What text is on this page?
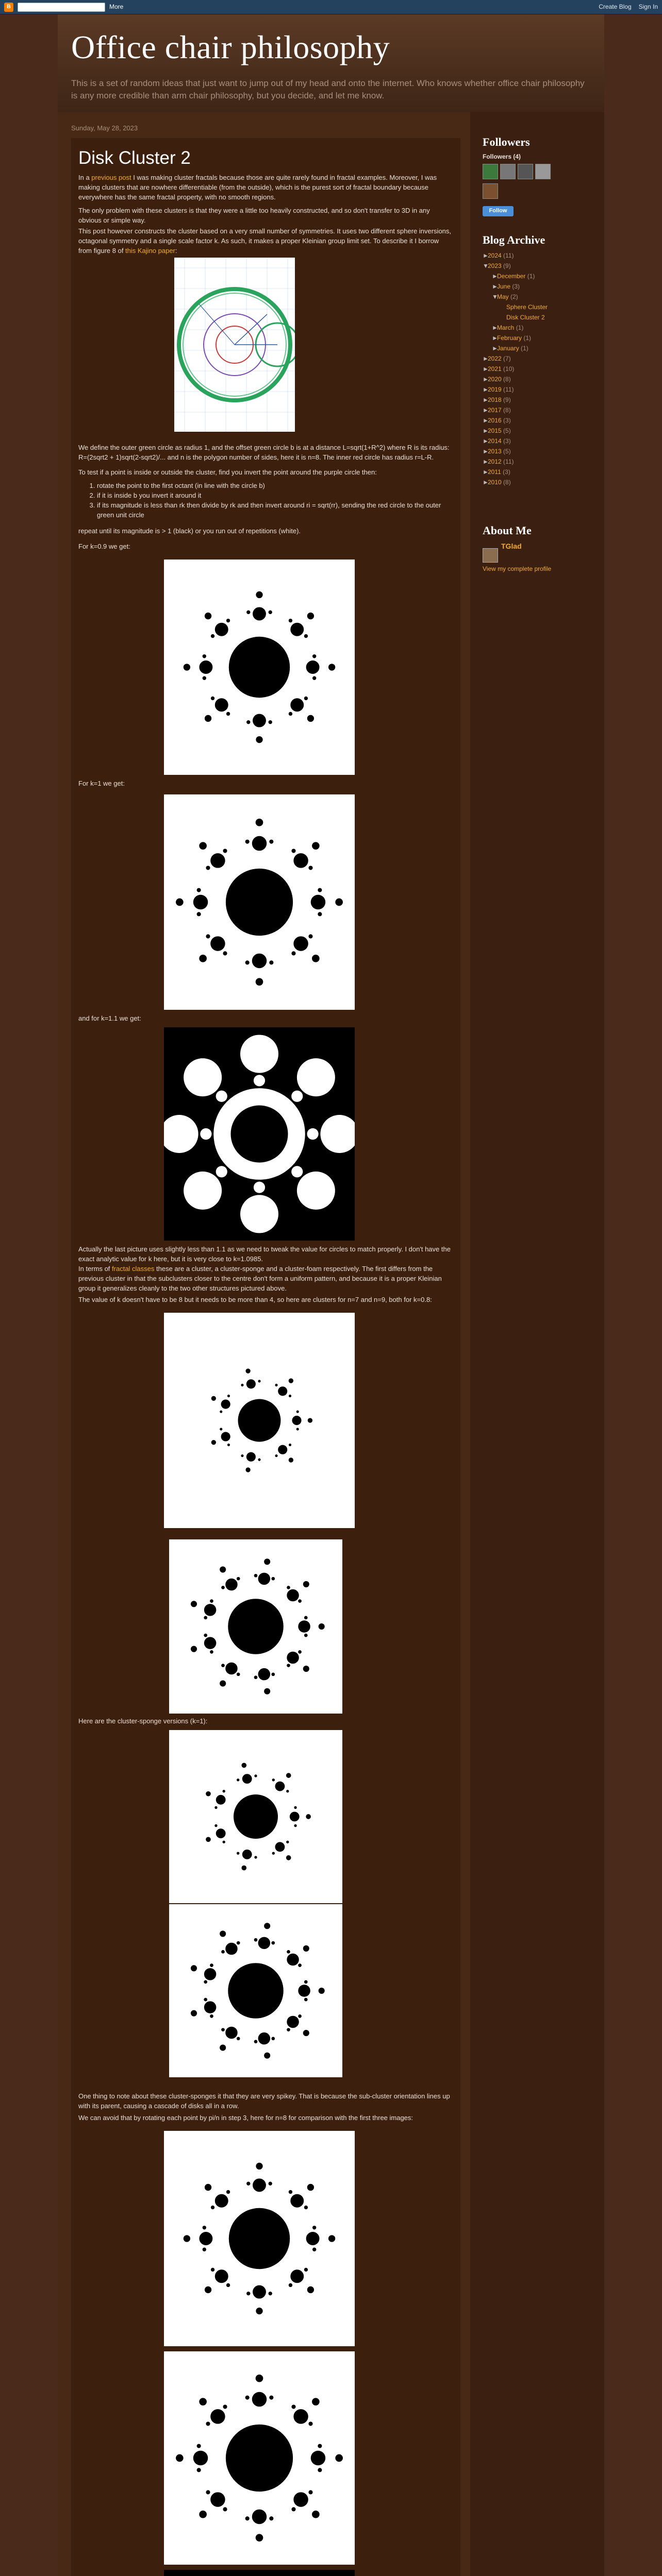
B	More	Create Blog Sign In
Office chair philosophy
This is a set of random ideas that just want to jump out of my head and onto the internet. Who knows whether office chair philosophy is any more credible than arm chair philosophy, but you decide, and let me know.
Sunday, May 28, 2023
Disk Cluster 2
In a previous post I was making cluster fractals because those are quite rarely found in fractal examples. Moreover, I was making clusters that are nowhere differentiable (from the outside), which is the purest sort of fractal boundary because everywhere has the same fractal property, with no smooth regions.
The only problem with these clusters is that they were a little too heavily constructed, and so don't transfer to 3D in any obvious or simple way.
This post however constructs the cluster based on a very small number of symmetries. It uses two different sphere inversions, octagonal symmetry and a single scale factor k. As such, it makes a proper Kleinian group limit set. To describe it I borrow from figure 8 of this Kajino paper:
We define the outer green circle as radius 1, and the offset green circle b is at a distance L=sqrt(1+R^2) where R is its radius: R=(2sqrt2 + 1)sqrt(2-sqrt2)/... and n is the polygon number of sides, here it is n=8. The inner red circle has radius r=L-R.
To test if a point is inside or outside the cluster, find you invert the point around the purple circle then:
1. rotate the point to the first octant (in line with the circle b)
2. if it is inside b you invert it around it
3. if its magnitude is less than rk then divide by rk and then invert around ri = sqrt(rr), sending the red circle to the outer green unit circle
repeat until its magnitude is > 1 (black) or you run out of repetitions (white).
For k=0.9 we get:
For k=1 we get:
and for k=1.1 we get:
Actually the last picture uses slightly less than 1.1 as we need to tweak the value for circles to match properly. I don't have the exact analytic value for k here, but it is very close to k=1.0985.
In terms of fractal classes these are a cluster, a cluster-sponge and a cluster-foam respectively. The first differs from the previous cluster in that the subclusters closer to the centre don't form a uniform pattern, and because it is a proper Kleinian group it generalizes cleanly to the two other structures pictured above.
The value of k doesn't have to be 8 but it needs to be more than 4, so here are clusters for n=7 and n=9, both for k=0.8:
Here are the cluster-sponge versions (k=1):
One thing to note about these cluster-sponges it that they are very spikey. That is because the sub-cluster orientation lines up with its parent, causing a cascade of disks all in a row.
We can avoid that by rotating each point by pi/n in step 3, here for n=8 for comparison with the first three images:
Followers
Followers (4)
Follow
Blog Archive
►2024 (11)
▼2023 (9)
►December (1)
►June (3)
▼May (2)
Sphere Cluster
Disk Cluster 2
►March (1)
►February (1)
►January (1)
►2022 (7)
►2021 (10)
►2020 (8)
►2019 (11)
►2018 (9)
►2017 (8)
►2016 (3)
►2015 (5)
►2014 (3)
►2013 (5)
►2012 (11)
►2011 (3)
►2010 (8)
About Me
TGlad
View my complete profile
